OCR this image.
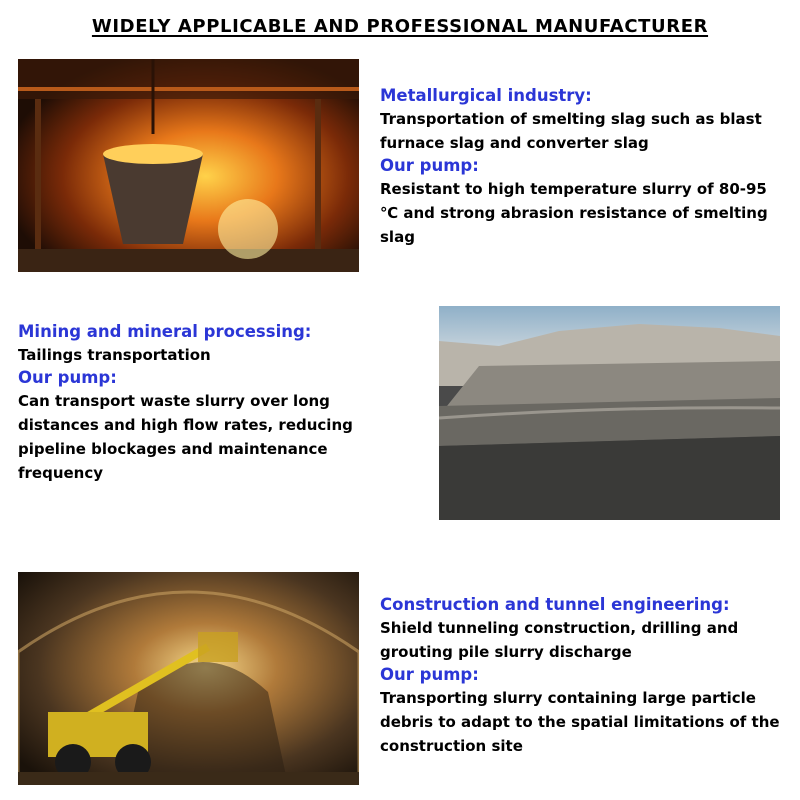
WIDELY APPLICABLE AND PROFESSIONAL MANUFACTURER
Metallurgical industry:
Transportation of smelting slag such as blast furnace slag and converter slag
Our pump:
Resistant to high temperature slurry of 80-95 ℃ and strong abrasion resistance of smelting slag
Mining and mineral processing:
Tailings transportation
Our pump:
Can transport waste slurry over long distances and high flow rates, reducing pipeline blockages and maintenance frequency
Construction and tunnel engineering:
Shield tunneling construction, drilling and grouting pile slurry discharge
Our pump:
Transporting slurry containing large particle debris to adapt to the spatial limitations of the construction site
